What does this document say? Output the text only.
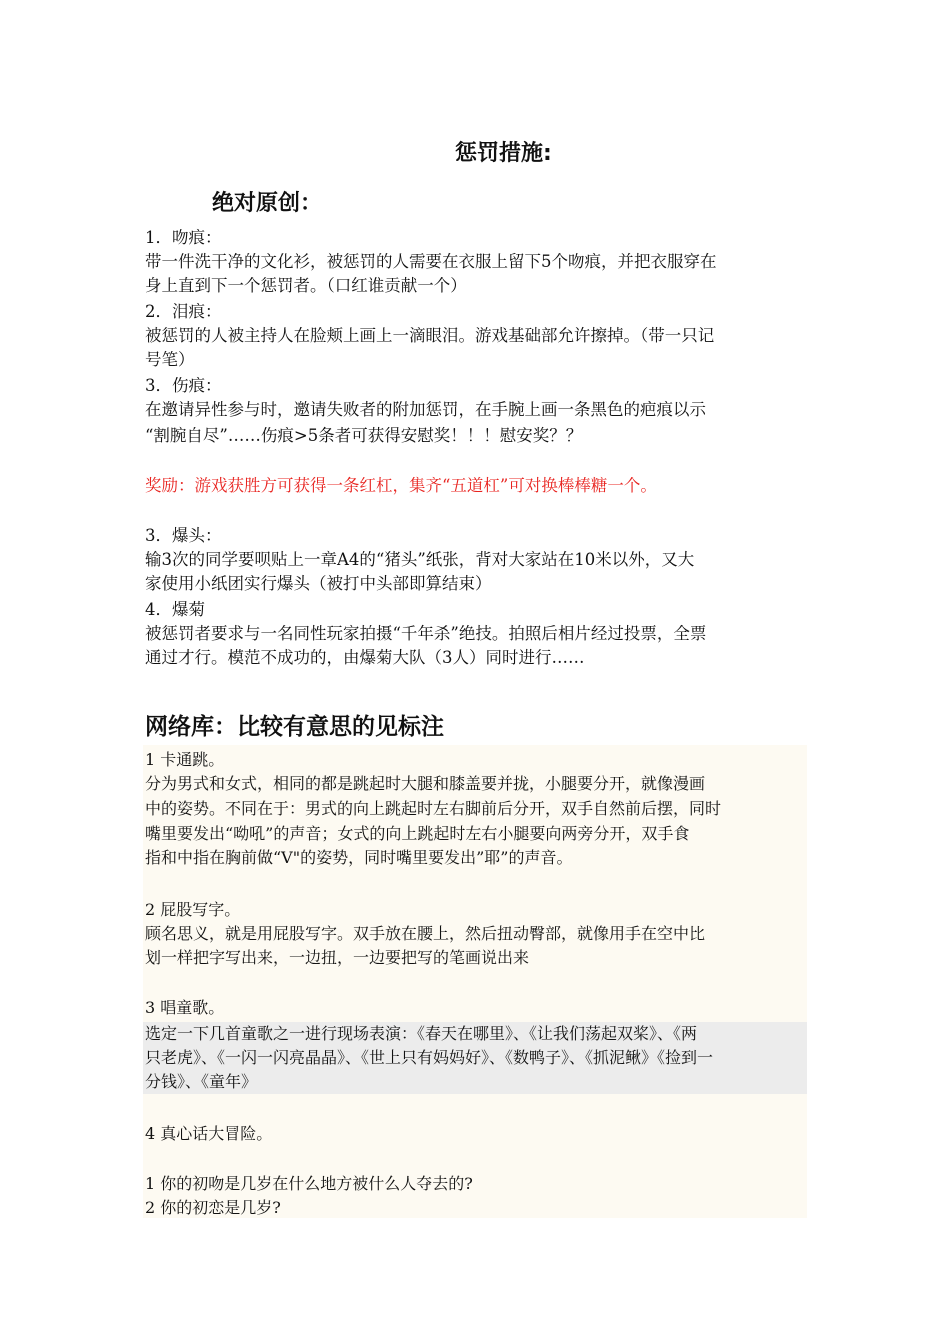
惩罚措施:
绝对原创：
1．吻痕：
带一件洗干净的文化衫，被惩罚的人需要在衣服上留下5个吻痕，并把衣服穿在
身上直到下一个惩罚者。（口红谁贡献一个）
2．泪痕：
被惩罚的人被主持人在脸颊上画上一滴眼泪。游戏基础部允许擦掉。（带一只记
号笔）
3．伤痕：
在邀请异性参与时，邀请失败者的附加惩罚，在手腕上画一条黑色的疤痕以示
“割腕自尽”……伤痕>5条者可获得安慰奖！！！慰安奖？？
奖励：游戏获胜方可获得一条红杠，集齐“五道杠”可对换棒棒糖一个。
3．爆头：
输3次的同学要呗贴上一章A4的“猪头”纸张，背对大家站在10米以外，又大
家使用小纸团实行爆头（被打中头部即算结束）
4．爆菊
被惩罚者要求与一名同性玩家拍摄“千年杀”绝技。拍照后相片经过投票，全票
通过才行。模范不成功的，由爆菊大队（3人）同时进行……
网络库：比较有意思的见标注
1 卡通跳。
分为男式和女式，相同的都是跳起时大腿和膝盖要并拢，小腿要分开，就像漫画
中的姿势。不同在于：男式的向上跳起时左右脚前后分开，双手自然前后摆，同时
嘴里要发出“呦吼”的声音；女式的向上跳起时左右小腿要向两旁分开，双手食
指和中指在胸前做“V"的姿势，同时嘴里要发出”耶”的声音。
2 屁股写字。
顾名思义，就是用屁股写字。双手放在腰上，然后扭动臀部，就像用手在空中比
划一样把字写出来，一边扭，一边要把写的笔画说出来
3 唱童歌。
选定一下几首童歌之一进行现场表演：《春天在哪里》、《让我们荡起双桨》、《两
只老虎》、《一闪一闪亮晶晶》、《世上只有妈妈好》、《数鸭子》、《抓泥鳅》《捡到一
分钱》、《童年》
4 真心话大冒险。
1 你的初吻是几岁在什么地方被什么人夺去的?
2 你的初恋是几岁?
